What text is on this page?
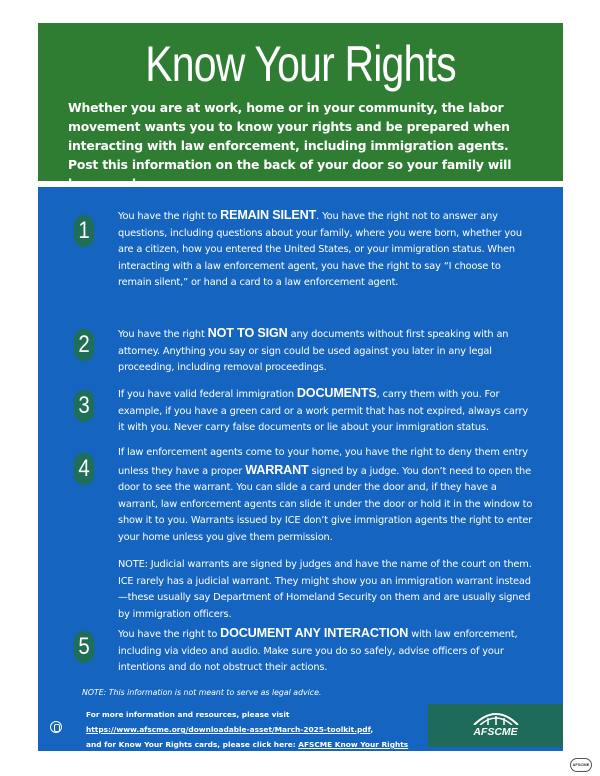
Know Your Rights
Whether you are at work, home or in your community, the labor movement wants you to know your rights and be prepared when interacting with law enforcement, including immigration agents. Post this information on the back of your door so your family will
1
You have the right to REMAIN SILENT. You have the right not to answer any questions, including questions about your family, where you were born, whether you are a citizen, how you entered the United States, or your immigration status. When interacting with a law enforcement agent, you have the right to say “I choose to remain silent,” or hand a card to a law enforcement agent.
2	You have the right NOT TO SIGN any documents without first speaking with an attorney. Anything you say or sign could be used against you later in any legal proceeding, including removal proceedings.
3	If you have valid federal immigration DOCUMENTS, carry them with you. For example, if you have a green card or a work permit that has not expired, always carry it with you. Never carry false documents or lie about your immigration status.
4
If law enforcement agents come to your home, you have the right to deny them entry unless they have a proper WARRANT signed by a judge. You don’t need to open the door to see the warrant. You can slide a card under the door and, if they have a warrant, law enforcement agents can slide it under the door or hold it in the window to show it to you. Warrants issued by ICE don’t give immigration agents the right to enter your home unless you give them permission.
NOTE: Judicial warrants are signed by judges and have the name of the court on them. ICE rarely has a judicial warrant. They might show you an immigration warrant instead—these usually say Department of Homeland Security on them and are usually signed by immigration officers.
5	You have the right to DOCUMENT ANY INTERACTION with law enforcement, including via video and audio. Make sure you do so safely, advise officers of your intentions and do not obstruct their actions.
NOTE: This information is not meant to serve as legal advice.
For more information and resources, please visit
https://www.afscme.org/downloadable-asset/March-2025-toolkit.pdf,
and for Know Your Rights cards, please click here: AFSCME Know Your Rights Card.pdf
AFSCME
AFSCME
